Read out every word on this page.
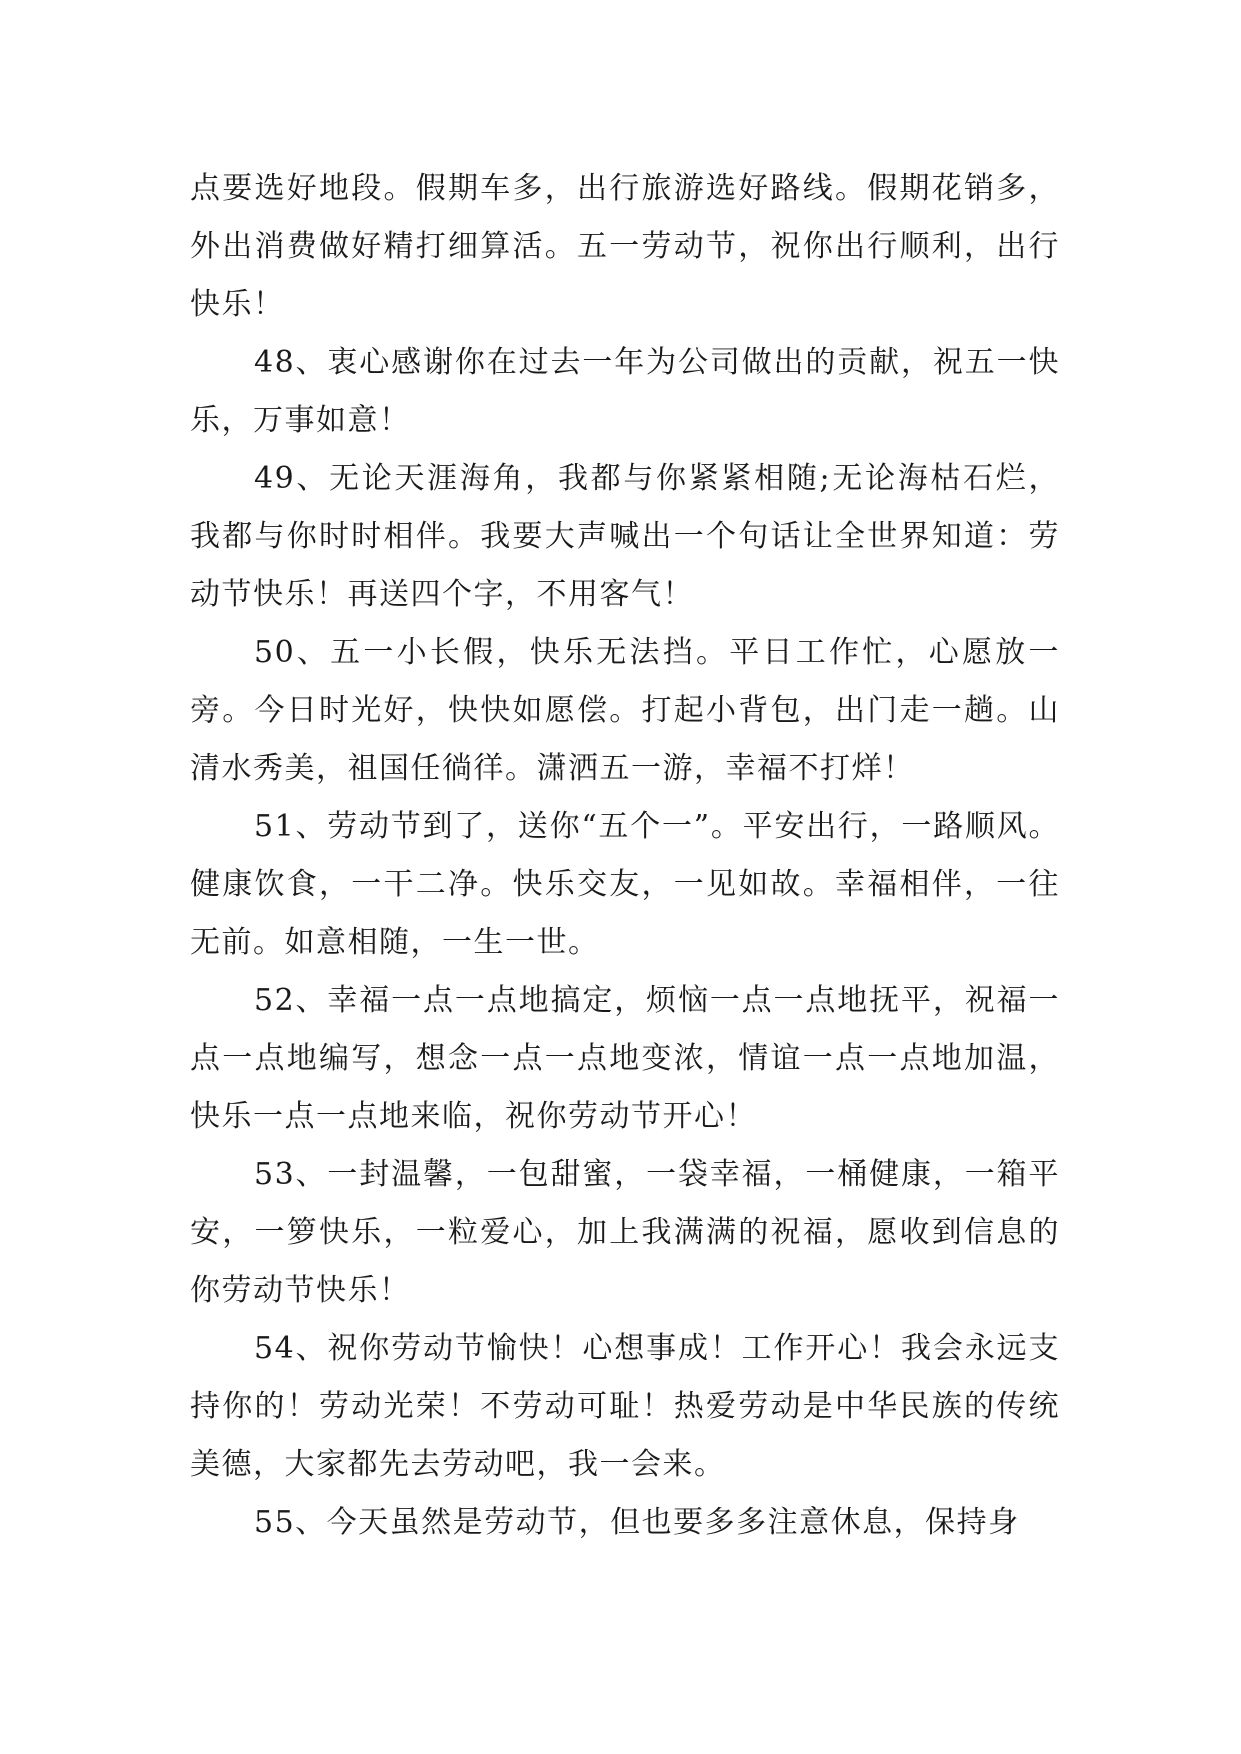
点要选好地段。假期车多，出行旅游选好路线。假期花销多，外出消费做好精打细算活。五一劳动节，祝你出行顺利，出行快乐！

48、衷心感谢你在过去一年为公司做出的贡献，祝五一快乐，万事如意！

49、无论天涯海角，我都与你紧紧相随;无论海枯石烂，我都与你时时相伴。我要大声喊出一个句话让全世界知道：劳动节快乐！再送四个字，不用客气！

50、五一小长假，快乐无法挡。平日工作忙，心愿放一旁。今日时光好，快快如愿偿。打起小背包，出门走一趟。山清水秀美，祖国任徜徉。潇洒五一游，幸福不打烊！

51、劳动节到了，送你“五个一”。平安出行，一路顺风。健康饮食，一干二净。快乐交友，一见如故。幸福相伴，一往无前。如意相随，一生一世。

52、幸福一点一点地搞定，烦恼一点一点地抚平，祝福一点一点地编写，想念一点一点地变浓，情谊一点一点地加温，快乐一点一点地来临，祝你劳动节开心！

53、一封温馨，一包甜蜜，一袋幸福，一桶健康，一箱平安，一箩快乐，一粒爱心，加上我满满的祝福，愿收到信息的你劳动节快乐！

54、祝你劳动节愉快！心想事成！工作开心！我会永远支持你的！劳动光荣！不劳动可耻！热爱劳动是中华民族的传统美德，大家都先去劳动吧，我一会来。

55、今天虽然是劳动节，但也要多多注意休息，保持身
